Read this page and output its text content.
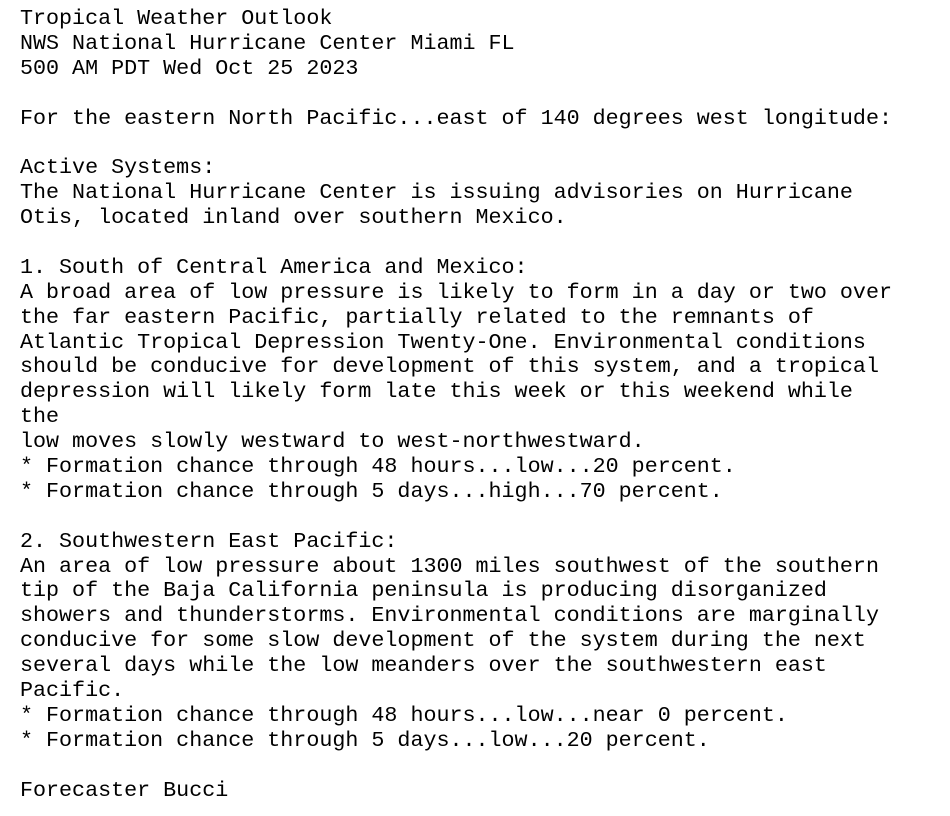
Tropical Weather Outlook
NWS National Hurricane Center Miami FL
500 AM PDT Wed Oct 25 2023
For the eastern North Pacific...east of 140 degrees west longitude:
Active Systems:
The National Hurricane Center is issuing advisories on Hurricane
Otis, located inland over southern Mexico.
1. South of Central America and Mexico:
A broad area of low pressure is likely to form in a day or two over
the far eastern Pacific, partially related to the remnants of
Atlantic Tropical Depression Twenty-One. Environmental conditions
should be conducive for development of this system, and a tropical
depression will likely form late this week or this weekend while
the
low moves slowly westward to west-northwestward.
* Formation chance through 48 hours...low...20 percent.
* Formation chance through 5 days...high...70 percent.
2. Southwestern East Pacific:
An area of low pressure about 1300 miles southwest of the southern
tip of the Baja California peninsula is producing disorganized
showers and thunderstorms. Environmental conditions are marginally
conducive for some slow development of the system during the next
several days while the low meanders over the southwestern east
Pacific.
* Formation chance through 48 hours...low...near 0 percent.
* Formation chance through 5 days...low...20 percent.
Forecaster Bucci
